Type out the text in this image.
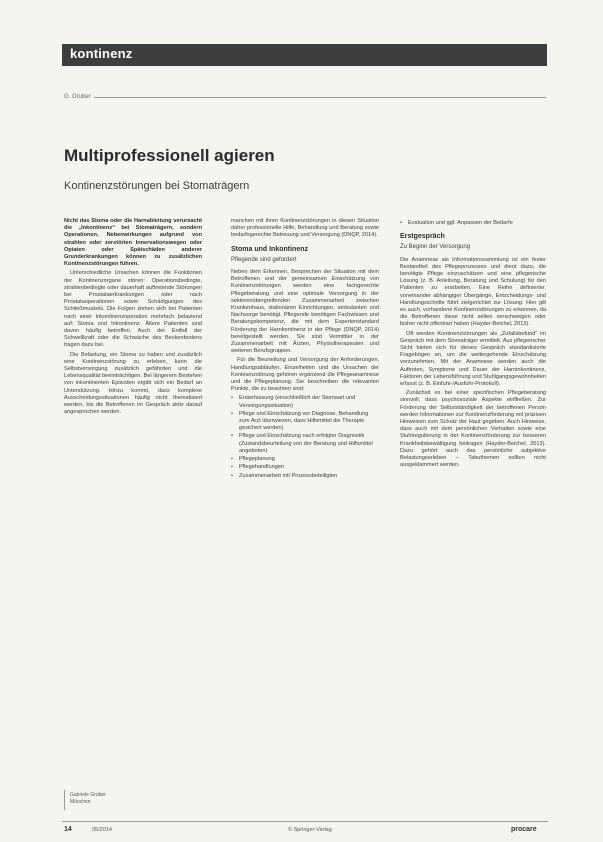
kontinenz
G. Gruber
Multiprofessionell agieren
Kontinenzstörungen bei Stomaträgern

Nicht das Stoma oder die Harnableitung verursacht die „Inkontinenz“ bei Stomaträgern, sondern Operationen, Nebenwirkungen aufgrund von strahlen oder zerstörten Innervationswegen oder Opiaten oder Spätschäden anderer Grunderkrankungen können zu zusätzlichen Kontinenzstörungen führen.

Unterschiedliche Ursachen können die Funktionen der Kontinenzorgane stören: Operationsbedingte, strahlenbedingte oder dauerhaft auftretende Störungen bei Prostataerkrankungen oder nach Prostataoperationen sowie Schädigungen des Schließmuskels. Die Folgen ziehen sich bei Patienten nach einer Inkontinenzoperation mehrfach belastend auf: Stoma und Inkontinenz. Ältere Patienten sind davon häufig betroffen. Auch der Entfall der Schwellkraft oder die Schwäche des Beckenbodens tragen dazu bei.

Die Belastung, ein Stoma zu haben und zusätzlich eine Kontinenzstörung zu erleben, kann die Selbstversorgung zusätzlich gefährden und die Lebensqualität beeinträchtigen. Bei längerem Bestehen von inkontinenten Episoden ergibt sich ein Bedarf an Unterstützung. Hinzu kommt, dass komplexe Ausscheidungssituationen häufig nicht thematisiert werden, bis die Betroffenen im Gespräch aktiv darauf angesprochen werden.

manchen mit ihren Kontinenzstörungen in diesen Situation daher professionelle Hilfe, Behandlung und Beratung sowie bedarfsgerechte Betreuung und Versorgung (DNQP, 2014).

Stoma und Inkontinenz
Pflegende sind gefordert

Neben dem Erkennen, Besprechen der Situation mit dem Betroffenen und der gemeinsamen Einschätzung von Kontinenzstörungen werden eine fachgerechte Pflegeberatung und eine optimale Versorgung in der sektorenübergreifenden Zusammenarbeit zwischen Krankenhaus, stationären Einrichtungen, ambulanten und Nachsorge benötigt. Pflegende benötigen Fachwissen und Beratungskompetenz, die mit dem Expertenstandard Förderung der Harnkontinenz in der Pflege (DNQP, 2014) bereitgestellt werden. Sie sind Vermittler in der Zusammenarbeit mit Ärzten, Physiotherapeuten und weiteren Berufsgruppen.

Für die Beurteilung und Versorgung der Anforderungen, Handlungsabläufen, Einzelheiten und die Ursachen der Kontinenzstörung gehören ergänzend die Pflegeanamnese und die Pflegeplanung. Sie beschreiben die relevanten Punkte, die zu beachten sind:

• Ersterfassung (einschließlich der Stomaart und Versorgungssituation)
• Pflege und Einschätzung vor Diagnose, Behandlung zum Arzt überwiesen, dass Hilfsmittel die Therapie gesichert werden)
• Pflege und Einschätzung nach erfolgter Diagnostik (Zustandsbeurteilung von der Beratung und Hilfsmittel angeboten)
• Pflegeplanung
• Pflegehandlungen
• Zusammenarbeit mit Prozessbeteiligten
• Evaluation und ggf. Anpassen der Bedarfe
Erstgespräch
Zu Beginn der Versorgung

Die Anamnese als Informationssammlung ist ein fester Bestandteil des Pflegeprozesses und dient dazu, die benötigte Pflege einzuschätzen und eine pflegerische Lösung (z. B. Anleitung, Beratung und Schulung) für den Patienten zu erarbeiten. Eine Reihe definierter, voneinander abhängiger Übergänge, Entscheidungs- und Handlungsschritte führt zielgerichtet zur Lösung. Hier gilt es auch, vorhandene Kontinenzstörungen zu erkennen, da die Betroffenen diese nicht selten verschweigen oder bisher nicht offenbart haben (Hayder-Beichel, 2013).

Oft werden Kontinenzstörungen als „Zufallsbefund“ im Gespräch mit dem Stomaträger ermittelt. Aus pflegerischer Sicht bieten sich für dieses Gespräch standardisierte Fragebögen an, um die weitergehende Einschätzung vorzunehmen. Mit der Anamnese werden auch die Auftreten, Symptome und Dauer der Harninkontinenz, Faktoren der Lebensführung und Stuhlgangsgewohnheiten erfasst (z. B. Einfuhr-/Ausfuhr-Protokoll).

Zunächsit es bei einer spezifischen Pflegeberatung sinnvoll, dass psychosoziale Aspekte einfließen. Zur Förderung der Selbstständigkeit der betroffenen Person werden Informationen zur Kontinenzförderung mit präzisen Hinweisen zum Schutz der Haut gegeben. Auch Hinweise, dass auch mit dem persönlichen Verhalten sowie eine Stuhlregulierung in der Kontinenzförderung zur besseren Krankheitsbewältigung beitragen (Hayder-Beichel, 2013). Dazu gehört auch das persönliche subjektive Belastungserleben – Tabuthemen sollten nicht ausgeklammert werden.

Gabriele Gruber
München
14	05/2014	© Springer-Verlag	procare
